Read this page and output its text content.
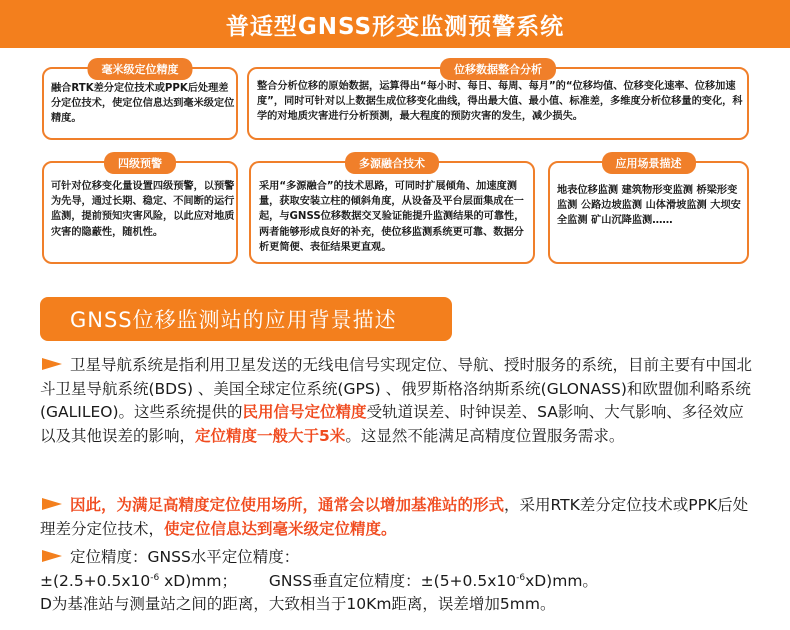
普适型GNSS形变监测预警系统
毫米级定位精度
融合RTK差分定位技术或PPK后处理差分定位技术，使定位信息达到毫米级定位精度。
位移数据整合分析
整合分析位移的原始数据，运算得出“每小时、每日、每周、每月”的“位移均值、位移变化速率、位移加速度”，同时可针对以上数据生成位移变化曲线，得出最大值、最小值、标准差，多维度分析位移量的变化，科学的对地质灾害进行分析预测，最大程度的预防灾害的发生，减少损失。
四级预警
可针对位移变化量设置四级预警，以预警为先导，通过长期、稳定、不间断的运行监测，提前预知灾害风险，以此应对地质灾害的隐蔽性，随机性。
多源融合技术
采用“多源融合”的技术思路，可同时扩展倾角、加速度测量，获取安装立柱的倾斜角度，从设备及平台层面集成在一起，与GNSS位移数据交叉验证能提升监测结果的可靠性，两者能够形成良好的补充，使位移监测系统更可靠、数据分析更简便、表征结果更直观。
应用场景描述
地表位移监测 建筑物形变监测 桥梁形变监测 公路边坡监测 山体滑坡监测 大坝安全监测 矿山沉降监测……
GNSS位移监测站的应用背景描述
卫星导航系统是指利用卫星发送的无线电信号实现定位、导航、授时服务的系统，目前主要有中国北斗卫星导航系统(BDS) 、美国全球定位系统(GPS) 、俄罗斯格洛纳斯系统(GLONASS)和欧盟伽利略系统(GALILEO)。这些系统提供的民用信号定位精度受轨道误差、时钟误差、SA影响、大气影响、多径效应以及其他误差的影响，定位精度一般大于5米。这显然不能满足高精度位置服务需求。
因此，为满足高精度定位使用场所，通常会以增加基准站的形式，采用RTK差分定位技术或PPK后处理差分定位技术，使定位信息达到毫米级定位精度。
定位精度：GNSS水平定位精度：
$\pm(2.5+0.5x10^{-6}$ xD)mm； GNSS垂直定位精度：$\pm(5+0.5x10^{-6}xD)mm$。
D为基准站与测量站之间的距离，大致相当于10Km距离，误差增加5mm。
